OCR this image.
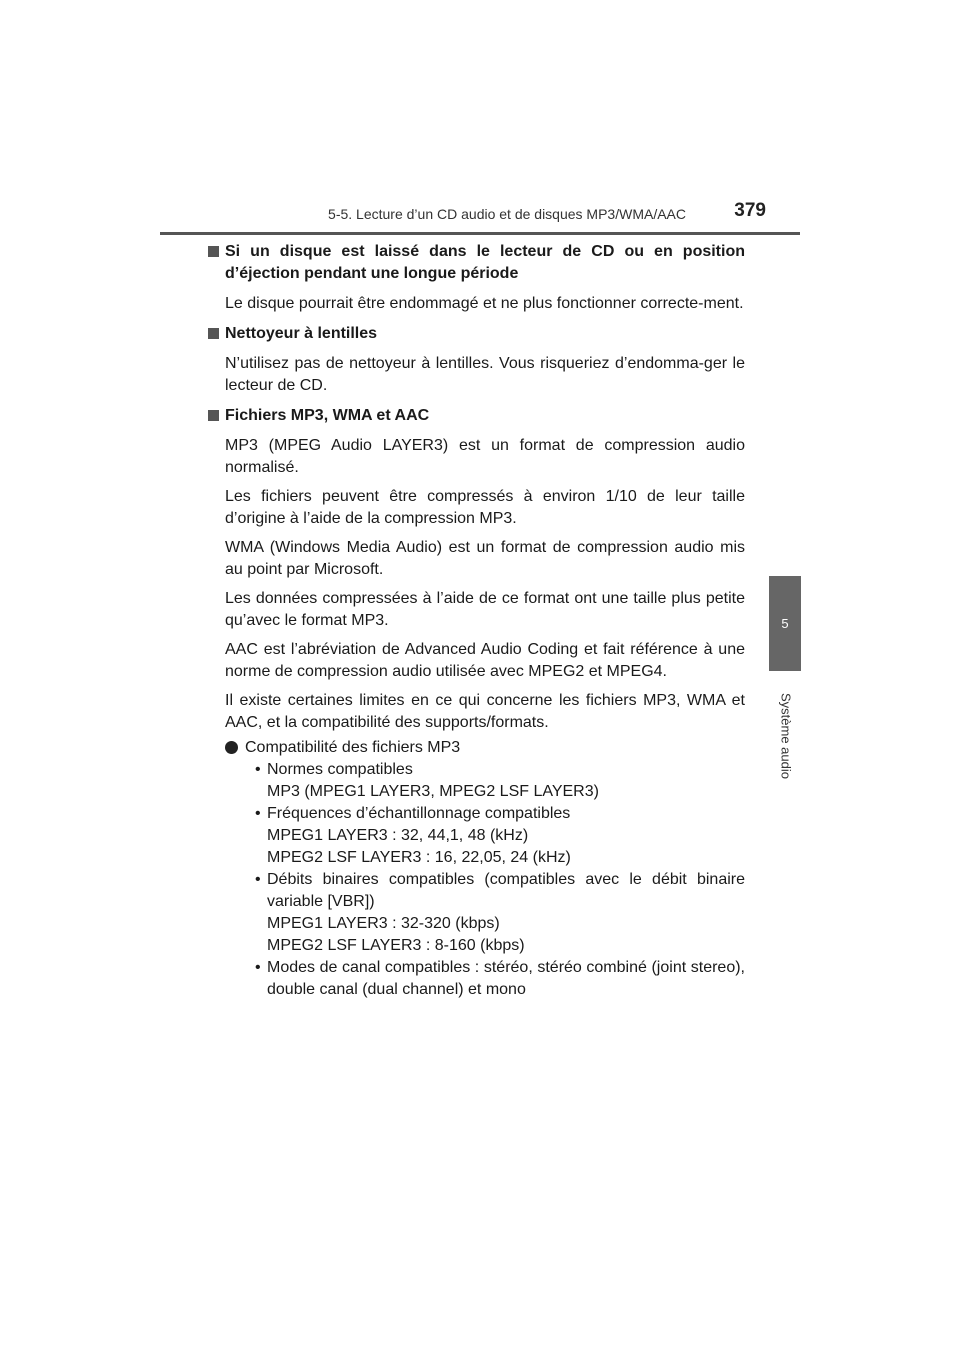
5-5. Lecture d’un CD audio et de disques MP3/WMA/AAC	379
5
Système audio
Si un disque est laissé dans le lecteur de CD ou en position d’éjection pendant une longue période
Le disque pourrait être endommagé et ne plus fonctionner correcte-ment.
Nettoyeur à lentilles
N’utilisez pas de nettoyeur à lentilles. Vous risqueriez d’endomma-ger le lecteur de CD.
Fichiers MP3, WMA et AAC
MP3 (MPEG Audio LAYER3) est un format de compression audio normalisé.
Les fichiers peuvent être compressés à environ 1/10 de leur taille d’origine à l’aide de la compression MP3.
WMA (Windows Media Audio) est un format de compression audio mis au point par Microsoft.
Les données compressées à l’aide de ce format ont une taille plus petite qu’avec le format MP3.
AAC est l’abréviation de Advanced Audio Coding et fait référence à une norme de compression audio utilisée avec MPEG2 et MPEG4.
Il existe certaines limites en ce qui concerne les fichiers MP3, WMA et AAC, et la compatibilité des supports/formats.
Compatibilité des fichiers MP3
• Normes compatibles
MP3 (MPEG1 LAYER3, MPEG2 LSF LAYER3)
• Fréquences d’échantillonnage compatibles
MPEG1 LAYER3 : 32, 44,1, 48 (kHz)
MPEG2 LSF LAYER3 : 16, 22,05, 24 (kHz)
• Débits binaires compatibles (compatibles avec le débit binaire variable [VBR])
MPEG1 LAYER3 : 32-320 (kbps)
MPEG2 LSF LAYER3 : 8-160 (kbps)
• Modes de canal compatibles : stéréo, stéréo combiné (joint stereo), double canal (dual channel) et mono
